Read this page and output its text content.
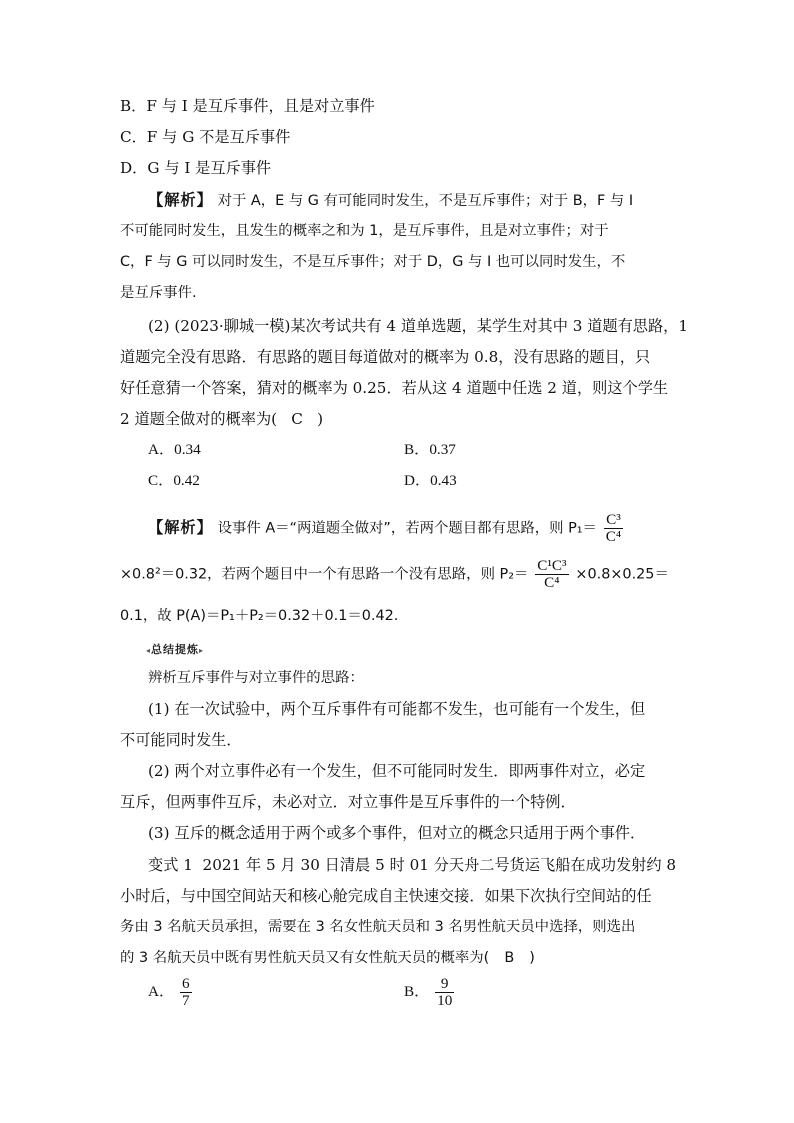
B．F 与 I 是互斥事件，且是对立事件
C．F 与 G 不是互斥事件
D．G 与 I 是互斥事件
【解析】 对于 A，E 与 G 有可能同时发生，不是互斥事件；对于 B，F 与 I
不可能同时发生，且发生的概率之和为 1，是互斥事件，且是对立事件；对于
C，F 与 G 可以同时发生，不是互斥事件；对于 D，G 与 I 也可以同时发生，不
是互斥事件.
(2) (2023·聊城一模)某次考试共有 4 道单选题，某学生对其中 3 道题有思路，1
道题完全没有思路．有思路的题目每道做对的概率为 0.8，没有思路的题目，只
好任意猜一个答案，猜对的概率为 0.25．若从这 4 道题中任选 2 道，则这个学生
2 道题全做对的概率为( C )
A．0.34	B．0.37
C．0.42	D．0.43
【解析】 设事件 A＝“两道题全做对”，若两个题目都有思路，则 $P_1= \frac{\text{C³}}{\text{C⁴}}$
×0.8²＝0.32，若两个题目中一个有思路一个没有思路，则 $P_2= \frac{\text{C¹C³}}{\text{C⁴}} \times 0.8\times 0.25=$
0.1，故 P(A)＝P₁＋P₂＝0.32＋0.1＝0.42.
◂总结提炼▸
辨析互斥事件与对立事件的思路：
(1) 在一次试验中，两个互斥事件有可能都不发生，也可能有一个发生，但
不可能同时发生．
(2) 两个对立事件必有一个发生，但不可能同时发生．即两事件对立，必定
互斥，但两事件互斥，未必对立．对立事件是互斥事件的一个特例．
(3) 互斥的概念适用于两个或多个事件，但对立的概念只适用于两个事件．
变式 1 2021 年 5 月 30 日清晨 5 时 01 分天舟二号货运飞船在成功发射约 8
小时后，与中国空间站天和核心舱完成自主快速交接．如果下次执行空间站的任
务由 3 名航天员承担，需要在 3 名女性航天员和 3 名男性航天员中选择，则选出
的 3 名航天员中既有男性航天员又有女性航天员的概率为( B )
A． $\frac{6}{7}$	B． $\frac{9}{10}$
